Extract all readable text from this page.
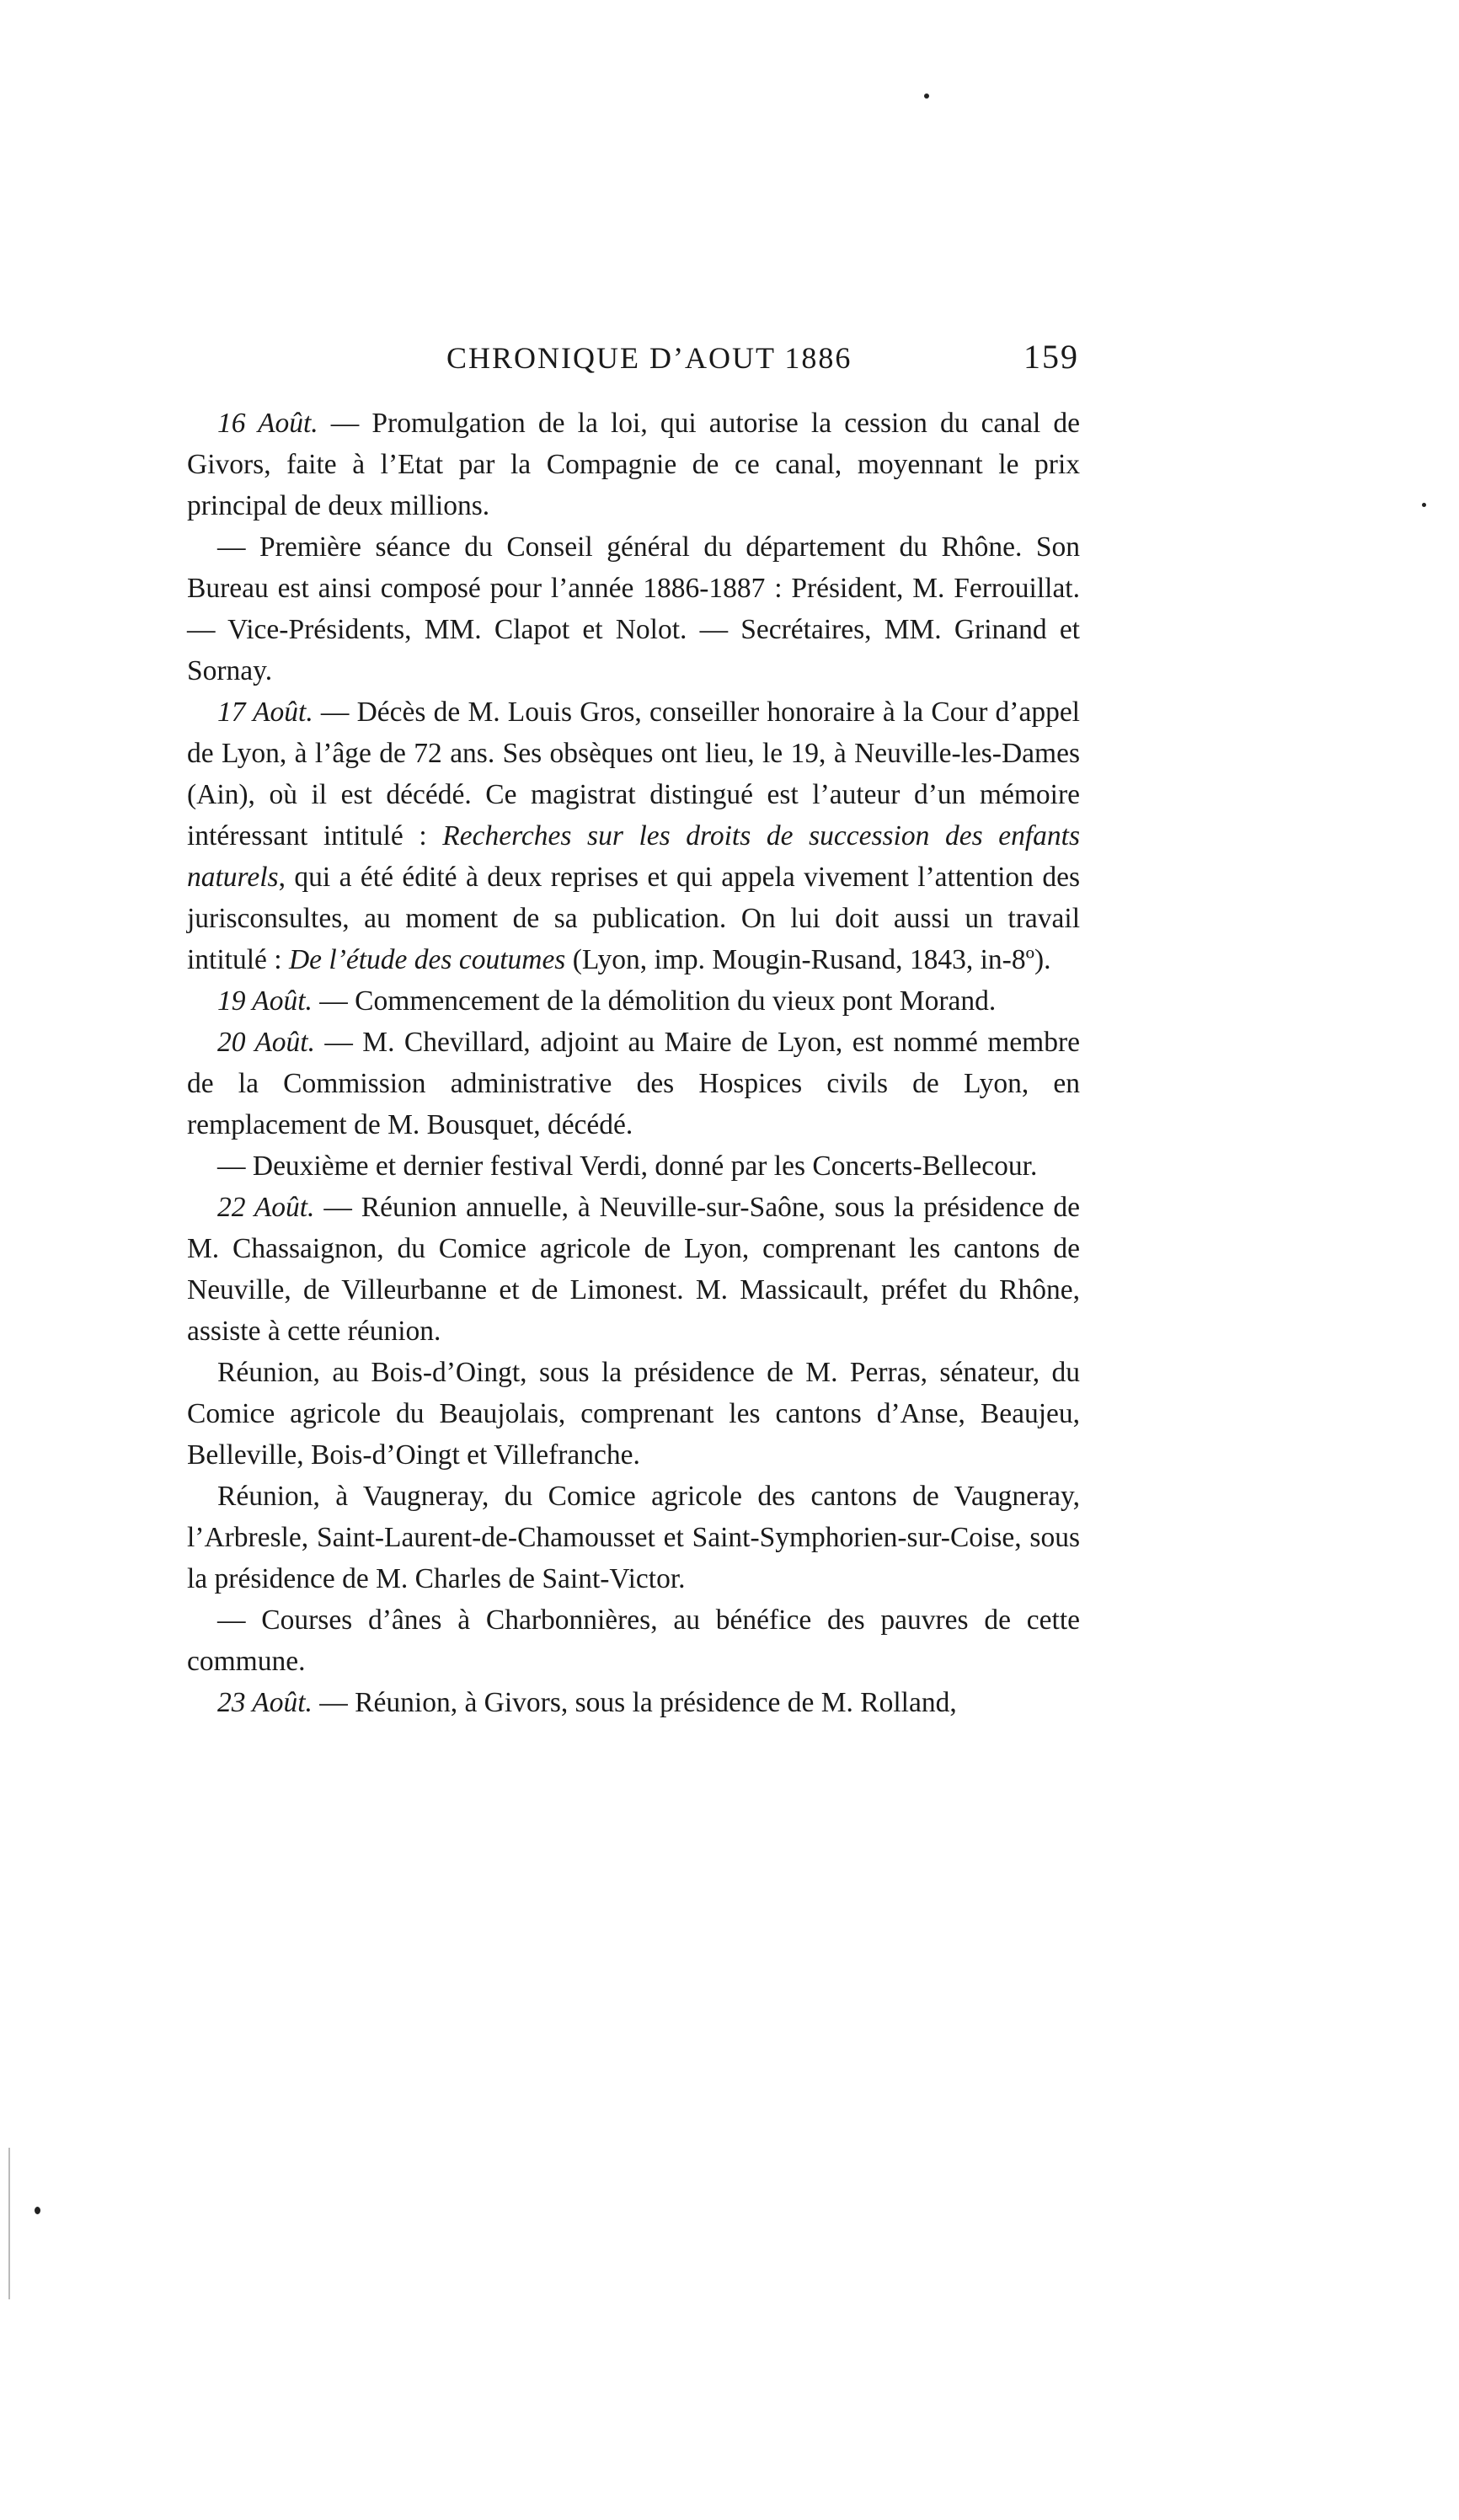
CHRONIQUE D’AOUT 1886	159

16 Août. — Promulgation de la loi, qui autorise la cession du canal de Givors, faite à l’Etat par la Compagnie de ce canal, moyennant le prix principal de deux millions.

— Première séance du Conseil général du département du Rhône. Son Bureau est ainsi composé pour l’année 1886-1887 : Président, M. Ferrouillat. — Vice-Présidents, MM. Clapot et Nolot. — Secrétaires, MM. Grinand et Sornay.

17 Août. — Décès de M. Louis Gros, conseiller honoraire à la Cour d’appel de Lyon, à l’âge de 72 ans. Ses obsèques ont lieu, le 19, à Neuville-les-Dames (Ain), où il est décédé. Ce magistrat distingué est l’auteur d’un mémoire intéressant intitulé : Recherches sur les droits de succession des enfants naturels, qui a été édité à deux reprises et qui appela vivement l’attention des jurisconsultes, au moment de sa publication. On lui doit aussi un travail intitulé : De l’étude des coutumes (Lyon, imp. Mougin-Rusand, 1843, in-8º).

19 Août. — Commencement de la démolition du vieux pont Morand.

20 Août. — M. Chevillard, adjoint au Maire de Lyon, est nommé membre de la Commission administrative des Hospices civils de Lyon, en remplacement de M. Bousquet, décédé.

— Deuxième et dernier festival Verdi, donné par les Concerts-Bellecour.

22 Août. — Réunion annuelle, à Neuville-sur-Saône, sous la présidence de M. Chassaignon, du Comice agricole de Lyon, comprenant les cantons de Neuville, de Villeurbanne et de Limonest. M. Massicault, préfet du Rhône, assiste à cette réunion.

Réunion, au Bois-d’Oingt, sous la présidence de M. Perras, sénateur, du Comice agricole du Beaujolais, comprenant les cantons d’Anse, Beaujeu, Belleville, Bois-d’Oingt et Villefranche.

Réunion, à Vaugneray, du Comice agricole des cantons de Vaugneray, l’Arbresle, Saint-Laurent-de-Chamousset et Saint-Symphorien-sur-Coise, sous la présidence de M. Charles de Saint-Victor.

— Courses d’ânes à Charbonnières, au bénéfice des pauvres de cette commune.

23 Août. — Réunion, à Givors, sous la présidence de M. Rolland,
